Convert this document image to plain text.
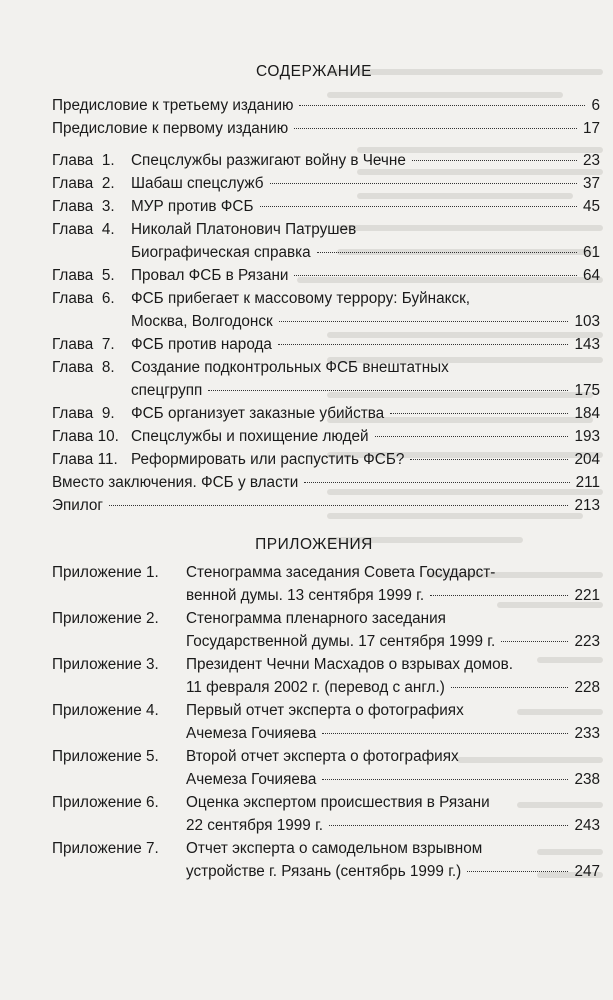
СОДЕРЖАНИЕ
Предисловие к третьему изданию	6
Предисловие к первому изданию	17
Глава  1.	Спецслужбы разжигают войну в Чечне	23
Глава  2.	Шабаш спецслужб	37
Глава  3.	МУР против ФСБ	45
Глава  4.	Николай Платонович Патрушев
Биографическая справка	61
Глава  5.	Провал ФСБ в Рязани	64
Глава  6.	ФСБ прибегает к массовому террору: Буйнакск,
Москва, Волгодонск	103
Глава  7.	ФСБ против народа	143
Глава  8.	Создание подконтрольных ФСБ внештатных
спецгрупп	175
Глава  9.	ФСБ организует заказные убийства	184
Глава 10. Спецслужбы и похищение людей	193
Глава 11. Реформировать или распустить ФСБ?	204
Вместо заключения. ФСБ у власти	211
Эпилог	213
ПРИЛОЖЕНИЯ
Приложение 1.	Стенограмма заседания Совета Государст-
венной думы. 13 сентября 1999 г.	221
Приложение 2.	Стенограмма пленарного заседания
Государственной думы. 17 сентября 1999 г.	223
Приложение 3.	Президент Чечни Масхадов о взрывах домов.
11 февраля 2002 г. (перевод с англ.)	228
Приложение 4.	Первый отчет эксперта о фотографиях
Ачемеза Гочияева	233
Приложение 5.	Второй отчет эксперта о фотографиях
Ачемеза Гочияева	238
Приложение 6.	Оценка экспертом происшествия в Рязани
22 сентября 1999 г.	243
Приложение 7.	Отчет эксперта о самодельном взрывном
устройстве г. Рязань (сентябрь 1999 г.)	247
